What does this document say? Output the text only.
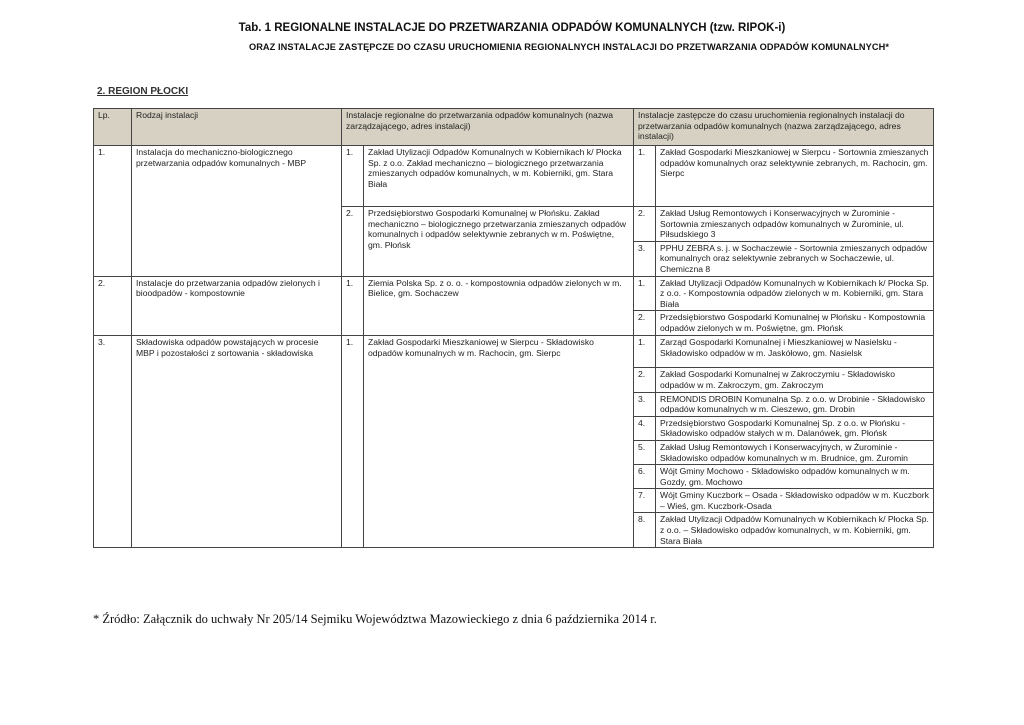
Tab. 1 REGIONALNE INSTALACJE DO PRZETWARZANIA ODPADÓW KOMUNALNYCH (tzw. RIPOK-i)
ORAZ INSTALACJE ZASTĘPCZE DO CZASU URUCHOMIENIA REGIONALNYCH INSTALACJI DO PRZETWARZANIA ODPADÓW KOMUNALNYCH*
2. REGION PŁOCKI
Lp.	Rodzaj instalacji	Instalacje regionalne do przetwarzania odpadów komunalnych (nazwa zarządzającego, adres instalacji)		Instalacje zastępcze do czasu uruchomienia regionalnych instalacji do przetwarzania odpadów komunalnych (nazwa zarządzającego, adres instalacji)	
1.	Instalacja do mechaniczno-biologicznego przetwarzania odpadów komunalnych - MBP	1.	Zakład Utylizacji Odpadów Komunalnych w Kobiernikach k/ Płocka Sp. z o.o. Zakład mechaniczno – biologicznego przetwarzania zmieszanych odpadów komunalnych, w m. Kobierniki, gm. Stara Biała	1.	Zakład Gospodarki Mieszkaniowej w Sierpcu - Sortownia zmieszanych odpadów komunalnych oraz selektywnie zebranych, m. Rachocin, gm. Sierpc
		2.	Przedsiębiorstwo Gospodarki Komunalnej w Płońsku. Zakład mechaniczno – biologicznego przetwarzania zmieszanych odpadów komunalnych i odpadów selektywnie zebranych w m. Poświętne, gm. Płońsk	2.	Zakład Usług Remontowych i Konserwacyjnych w Żurominie - Sortownia zmieszanych odpadów komunalnych w Żurominie, ul. Piłsudskiego 3
				3.	PPHU ZEBRA s. j. w Sochaczewie - Sortownia zmieszanych odpadów komunalnych oraz selektywnie zebranych w Sochaczewie, ul. Chemiczna 8
2.	Instalacje do przetwarzania odpadów zielonych i bioodpadów - kompostownie	1.	Ziemia Polska Sp. z o. o. - kompostownia odpadów zielonych w m. Bielice, gm. Sochaczew	1.	Zakład Utylizacji Odpadów Komunalnych w Kobiernikach k/ Płocka Sp. z o.o. - Kompostownia odpadów zielonych w m. Kobierniki, gm. Stara Biała
				2.	Przedsiębiorstwo Gospodarki Komunalnej w Płońsku - Kompostownia odpadów zielonych w m. Poświętne, gm. Płońsk
3.	Składowiska odpadów powstających w procesie MBP i pozostałości z sortowania - składowiska	1.	Zakład Gospodarki Mieszkaniowej w Sierpcu - Składowisko odpadów komunalnych w m. Rachocin, gm. Sierpc	1.	Zarząd Gospodarki Komunalnej i Mieszkaniowej w Nasielsku - Składowisko odpadów w m. Jaskółowo, gm. Nasielsk
				2.	Zakład Gospodarki Komunalnej w Zakroczymiu - Składowisko odpadów w m. Zakroczym, gm. Zakroczym
				3.	REMONDIS DROBIN Komunalna Sp. z o.o. w Drobinie - Składowisko odpadów komunalnych w m. Cieszewo, gm. Drobin
				4.	Przedsiębiorstwo Gospodarki Komunalnej Sp. z o.o. w Płońsku - Składowisko odpadów stałych w m. Dalanówek, gm. Płońsk
				5.	Zakład Usług Remontowych i Konserwacyjnych, w Żurominie - Składowisko odpadów komunalnych w m. Brudnice, gm. Żuromin
				6.	Wójt Gminy Mochowo - Składowisko odpadów komunalnych w m. Gozdy, gm. Mochowo
				7.	Wójt Gminy Kuczbork – Osada - Składowisko odpadów w m. Kuczbork – Wieś, gm. Kuczbork-Osada
				8.	Zakład Utylizacji Odpadów Komunalnych w Kobiernikach k/ Płocka Sp. z o.o. – Składowisko odpadów komunalnych, w m. Kobierniki, gm. Stara Biała
* Źródło: Załącznik do uchwały Nr 205/14 Sejmiku Województwa Mazowieckiego z dnia 6 października 2014 r.
